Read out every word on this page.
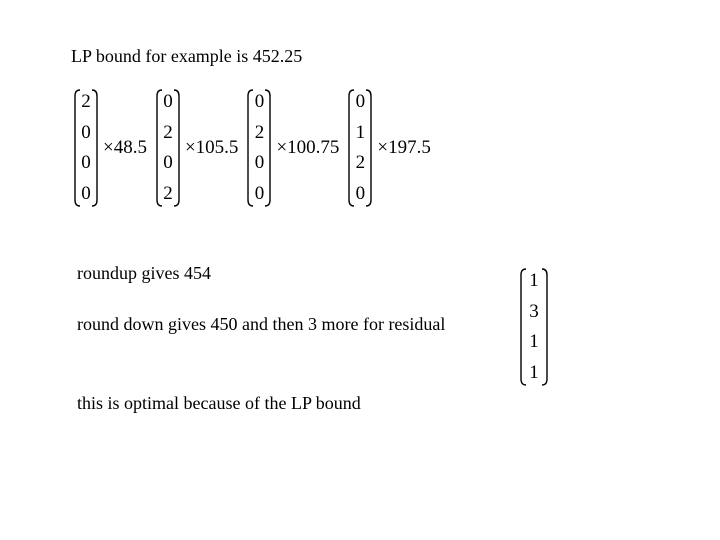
LP bound for example is 452.25
2
0
0
0
×48.5
0
2
0
2
×105.5
0
2
0
0
×100.75
0
1
2
0
×197.5
roundup gives 454
round down gives 450 and then 3 more for residual
this is optimal because of the LP bound
1
3
1
1
